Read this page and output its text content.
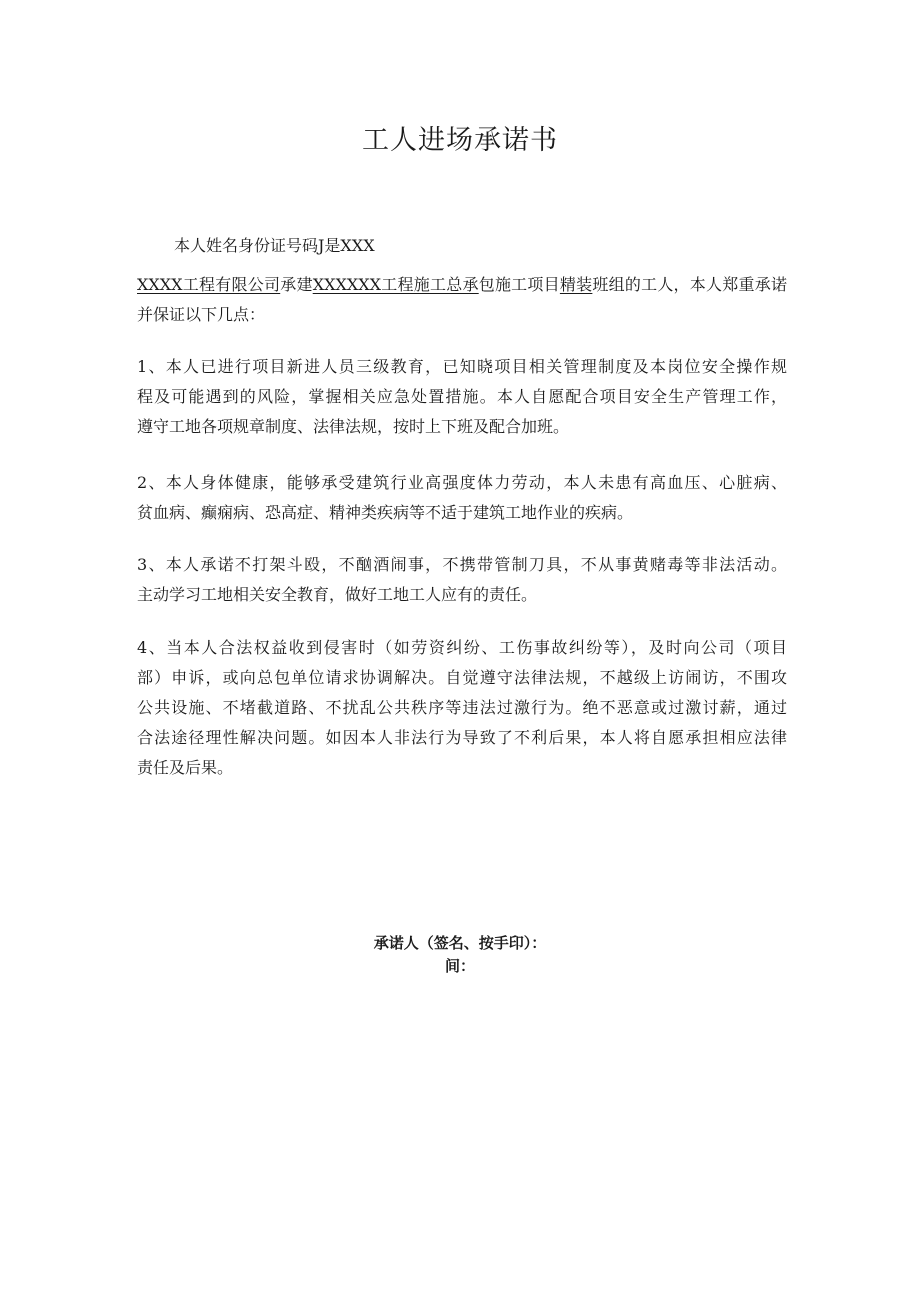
工人进场承诺书
本人姓名身份证号码J是XXX
XXXX工程有限公司承建XXXXXX工程施工总承包施工项目精装班组的工人，本人郑重承诺
并保证以下几点：
1、本人已进行项目新进人员三级教育，已知晓项目相关管理制度及本岗位安全操作规
程及可能遇到的风险，掌握相关应急处置措施。本人自愿配合项目安全生产管理工作，
遵守工地各项规章制度、法律法规，按时上下班及配合加班。
2、本人身体健康，能够承受建筑行业高强度体力劳动，本人未患有高血压、心脏病、
贫血病、癫痫病、恐高症、精神类疾病等不适于建筑工地作业的疾病。
3、本人承诺不打架斗殴，不酗酒闹事，不携带管制刀具，不从事黄赌毒等非法活动。
主动学习工地相关安全教育，做好工地工人应有的责任。
4、当本人合法权益收到侵害时（如劳资纠纷、工伤事故纠纷等），及时向公司（项目
部）申诉，或向总包单位请求协调解决。自觉遵守法律法规，不越级上访闹访，不围攻
公共设施、不堵截道路、不扰乱公共秩序等违法过激行为。绝不恶意或过激讨薪，通过
合法途径理性解决问题。如因本人非法行为导致了不利后果，本人将自愿承担相应法律
责任及后果。
承诺人（签名、按手印）：
间：
